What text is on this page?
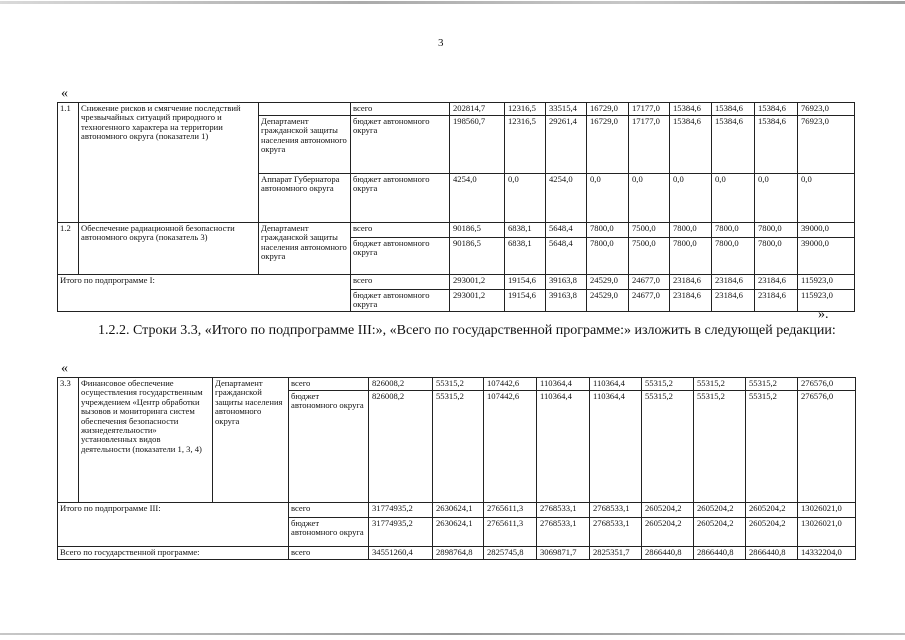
3
«
1.1	Снижение рисков и смягчение последствий чрезвычайных ситуаций природного и техногенного характера на территории автономного округа (показатели 1)		всего	202814,7	12316,5	33515,4	16729,0	17177,0	15384,6	15384,6	15384,6	76923,0
		Департамент гражданской защиты населения автономного округа	бюджет автономного округа	198560,7	12316,5	29261,4	16729,0	17177,0	15384,6	15384,6	15384,6	76923,0
		Аппарат Губернатора автономного округа	бюджет автономного округа	4254,0	0,0	4254,0	0,0	0,0	0,0	0,0	0,0	0,0
1.2	Обеспечение радиационной безопасности автономного округа (показатель 3)	Департамент гражданской защиты населения автономного округа	всего	90186,5	6838,1	5648,4	7800,0	7500,0	7800,0	7800,0	7800,0	39000,0
			бюджет автономного округа	90186,5	6838,1	5648,4	7800,0	7500,0	7800,0	7800,0	7800,0	39000,0
Итого по подпрограмме I:			всего	293001,2	19154,6	39163,8	24529,0	24677,0	23184,6	23184,6	23184,6	115923,0
			бюджет автономного округа	293001,2	19154,6	39163,8	24529,0	24677,0	23184,6	23184,6	23184,6	115923,0
».
1.2.2. Строки 3.3, «Итого по подпрограмме III:», «Всего по государственной программе:» изложить в следующей редакции:
«
3.3	Финансовое обеспечение осуществления государственным учреждением «Центр обработки вызовов и мониторинга систем обеспечения безопасности жизнедеятельности» установленных видов деятельности (показатели 1, 3, 4)	Департамент гражданской защиты населения автономного округа	всего	826008,2	55315,2	107442,6	110364,4	110364,4	55315,2	55315,2	55315,2	276576,0
			бюджет автономного округа	826008,2	55315,2	107442,6	110364,4	110364,4	55315,2	55315,2	55315,2	276576,0
Итого по подпрограмме III:			всего	31774935,2	2630624,1	2765611,3	2768533,1	2768533,1	2605204,2	2605204,2	2605204,2	13026021,0
			бюджет автономного округа	31774935,2	2630624,1	2765611,3	2768533,1	2768533,1	2605204,2	2605204,2	2605204,2	13026021,0
Всего по государственной программе:			всего	34551260,4	2898764,8	2825745,8	3069871,7	2825351,7	2866440,8	2866440,8	2866440,8	14332204,0
